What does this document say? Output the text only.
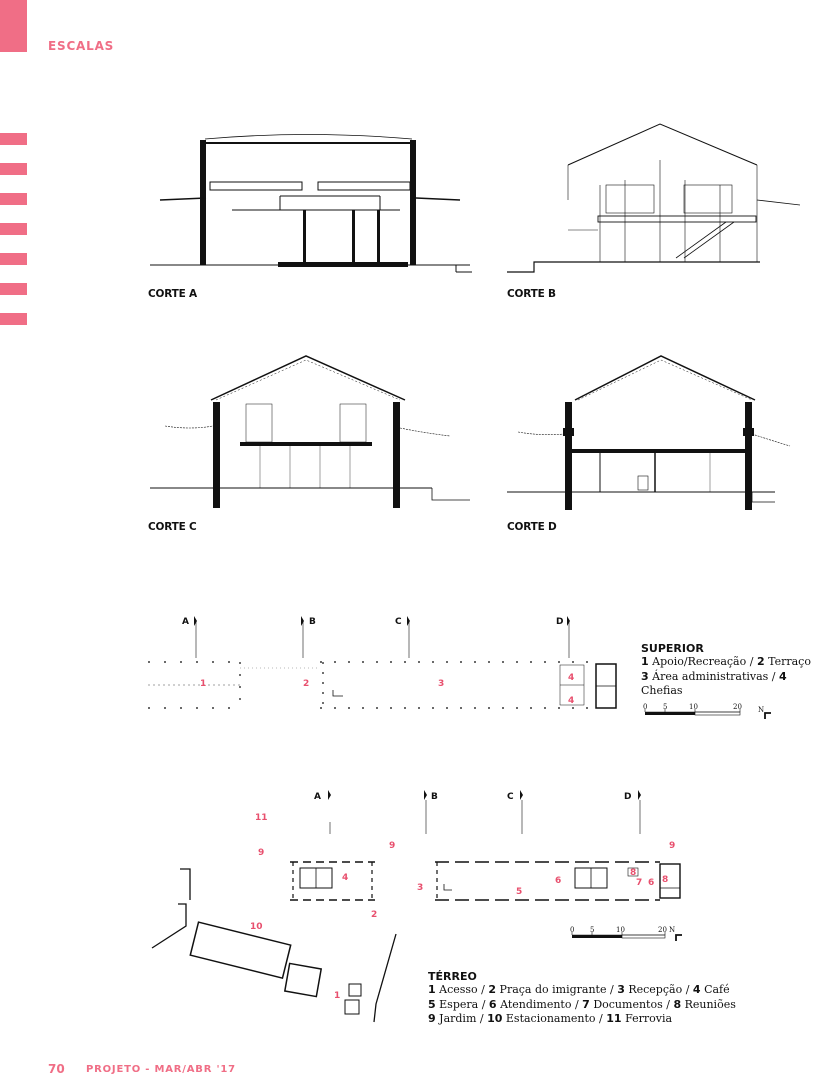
ESCALAS
A	B	C	D
1	2	3
4
4
A	B	C	D
11
9
9	9
4
3	5
6
8
7 6 8
2
10
1
0 5	10	20 N
0 5	10	20 N
CORTE A	CORTE B
CORTE C	CORTE D
SUPERIOR
1 Apoio/Recreação / 2 Terraço
3 Área administrativas / 4 Chefias
TÉRREO
1 Acesso / 2 Praça do imigrante / 3 Recepção / 4 Café
5 Espera / 6 Atendimento / 7 Documentos / 8 Reuniões
9 Jardim / 10 Estacionamento / 11 Ferrovia
70 PROJETO - MAR/ABR '17
